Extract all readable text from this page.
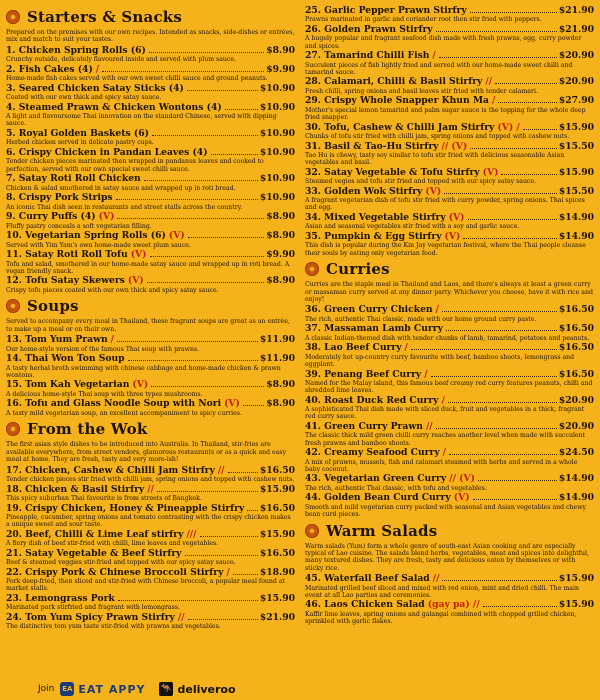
Starters & Snacks
Prepared on the premises with our own recipes. Intended as snacks, side-dishes or entrées, mix and match to suit your tastes.
1. Chicken Spring Rolls (6)	$8.90
Crunchy outside, delicately flavoured inside and served with plum sauce.
2. Fish Cakes (4) /	$9.90
Home-made fish cakes served with our own sweet chilli sauce and ground peanuts.
3. Seared Chicken Satay Sticks (4)	$10.90
Coated with our own thick and spicy satay sauce.
4. Steamed Prawn & Chicken Wontons (4)	$10.90
A light and flavoursome Thai innovation on the standard Chinese, served with dipping sauce.
5. Royal Golden Baskets (6)	$10.90
Herbed chicken served in delicate pastry cups.
6. Crispy Chicken in Pandan Leaves (4)	$10.90
Tender chicken pieces marinated then wrapped in pandanus leaves and cooked to perfection, served with our own special sweet chilli sauce.
7. Satay Roti Roll Chicken	$10.90
Chicken & salad smothered in satay sauce and wrapped up in roti bread.
8. Crispy Pork Strips	$10.90
An iconic Thai dish seen in restaurants and street stalls across the country.
9. Curry Puffs (4) (V)	$8.90
Fluffy pastry conceals a soft vegetarian filling.
10. Vegetarian Spring Rolls (6) (V)	$8.90
Served with Yim Yam's own home-made sweet plum sauce.
11. Satay Roti Roll Tofu (V)	$9.90
Tofu and salad, smothered in our home-made satay sauce and wrapped up in roti bread. A vegan friendly snack.
12. Tofu Satay Skewers (V)	$8.90
Crispy tofu pieces coated with our own thick and spicy satay sauce.
Soups
Served to accompany every meal in Thailand, these fragrant soups are great as an entrée, to make up a meal or on their own.
13. Tom Yum Prawn /	$11.90
Our home-style version of the famous Thai soup with prawns.
14. Thai Won Ton Soup	$11.90
A tasty herbal broth swimming with chinese cabbage and home-made chicken & prawn wontons.
15. Tom Kah Vegetarian (V)	$8.90
A delicious home-style Thai soup with three types mushrooms.
16. Tofu and Glass Noodle Soup with Nori (V)	$8.90
A tasty mild vegetarian soup, an excellent accompaniment to spicy curries.
From the Wok
The first asian style dishes to be introduced into Australia. In Thailand, stir-fries are available everywhere, from street vendors, glamorous restaurants or as a quick and easy meal at home. They are fresh, tasty and very more-ish!
17. Chicken, Cashew & Chilli Jam Stirfry //	$16.50
Tender chicken pieces stir fried with chilli jam, spring onions and topped with cashew nuts.
18. Chicken & Basil Stirfry //	$15.90
This spicy suburban Thai favourite is from streets of Bangkok.
19. Crispy Chicken, Honey & Pineapple Stirfry $16.50
Pineapple, cucumber, spring onions and tomato contrasting with the crispy chicken makes a unique sweet and sour taste.
20. Beef, Chilli & Lime Leaf stirfry ///	$15.90
A fiery dish of beef stir-fried with chilli, lime leaves and vegetables.
21. Satay Vegetable & Beef Stirfry	$16.50
Beef & steamed veggies stir-fried and topped with our spicy satay sauce.
22. Crispy Pork & Chinese Broccoli Stirfry /	$18.90
Pork deep-fried, then sliced and stir-fried with Chinese broccoli, a popular meal found at market stalls.
23. Lemongrass Pork	$15.90
Marinated pork stirfried and fragrant with lemongrass.
24. Tom Yum Spicy Prawn Stirfry //	$21.90
The distinctive tom yum taste stir-fried with prawns and vegetables.
25. Garlic Pepper Prawn Stirfry	$21.90
Prawns marinated in garlic and coriander root then stir fried with peppers.
26. Golden Prawn Stirfry	$21.90
A hugely popular and fragrant seafood dish made with fresh prawns, egg, curry powder and spices.
27. Tamarind Chilli Fish /	$20.90
Succulent pieces of fish lightly fried and served with our home-made sweet chilli and tamarind sauce.
28. Calamari, Chilli & Basil Stirfry //	$20.90
Fresh chilli, spring onions and basil leaves stir fried with tender calamari.
29. Crispy Whole Snapper Khun Ma /	$27.90
Mother's special lemon tamarind and palm sugar sauce is the topping for the whole deep fried snapper.
30. Tofu, Cashew & Chilli Jam Stirfry (V) /	$15.90
Chunks of tofu stir fried with chilli jam, spring onions and topped with cashew nuts.
31. Basil & Tao-Hu Stirfry // (V)	$15.50
Tao Hu is chewy, tasty soy similar to tofu stir fried with delicious seasonable Asian vegetables and basil.
32. Satay Vegetable & Tofu Stirfry (V)	$15.90
Steamed vegies and tofu stir fried and topped with our spicy satay sauce.
33. Golden Wok Stirfry (V)	$15.50
A fragrant vegetarian dish of tofu stir fried with curry powder, spring onions. Thai spices and egg.
34. Mixed Vegetable Stirfry (V)	$14.90
Asian and seasonal vegetables stir fried with a soy and garlic sauce.
35. Pumpkin & Egg Stirfry (V)	$14.90
This dish is popular during the Kin Jay vegetarian festival, where the Thai people cleanse their souls by eating only vegetarian food.
Curries
Curries are the staple meal in Thailand and Laos, and there's always at least a green curry or massaman curry served at any dinner party. Whichever you choose, have it with rice and enjoy!
36. Green Curry Chicken /	$16.50
The rich, authentic Thai classic, made with our home ground curry paste.
37. Massaman Lamb Curry	$16.50
A classic Indian-themed dish with tender chunks of lamb, tamarind, potatoes and peanuts.
38. Lao Beef Curry /	$16.50
Moderately hot up-country curry favourite with beef, bamboo shoots, lemongrass and eggplant.
39. Penang Beef Curry /	$16.50
Named for the Malay island, this famous beef creamy red curry features peanuts, chilli and shredded lime leaves.
40. Roast Duck Red Curry /	$20.90
A sophisticated Thai dish made with sliced duck, fruit and vegetables in a thick, fragrant red curry sauce.
41. Green Curry Prawn //	$20.90
The classic thick mild green chilli curry reaches another level when made with succulent fresh prawns and bamboo shoots.
42. Creamy Seafood Curry /	$24.50
A mix of prawns, mussels, fish and calamari steamed with herbs and served in a whole baby coconut.
43. Vegetarian Green Curry // (V)	$14.90
The rich, authentic Thai classic, with tofu and vegetables.
44. Golden Bean Curd Curry (V)	$14.90
Smooth and mild vegetarian curry packed with seasonal and Asian vegetables and chewy bean curd pieces.
Warm Salads
Warm salads (Yum) form a whole genre of south-east Asian cooking and are especially typical of Lao cuisine. The salads blend herbs, vegetables, meat and spices into delightful, many textured dishes. They are fresh, tasty and delicious eaten by themselves or with sticky rice.
45. Waterfall Beef Salad //	$15.90
Marinated grilled beef sliced and mixed with red onion, mint and dried chilli. The main event at all Lao parties and ceremonies.
46. Laos Chicken Salad (gay pa) //	$15.90
Kaffir lime leaves, spring onions and galangal combined with chopped grilled chicken, sprinkled with garlic flakes.
Join EA EAT APPY 🦘 deliveroo
